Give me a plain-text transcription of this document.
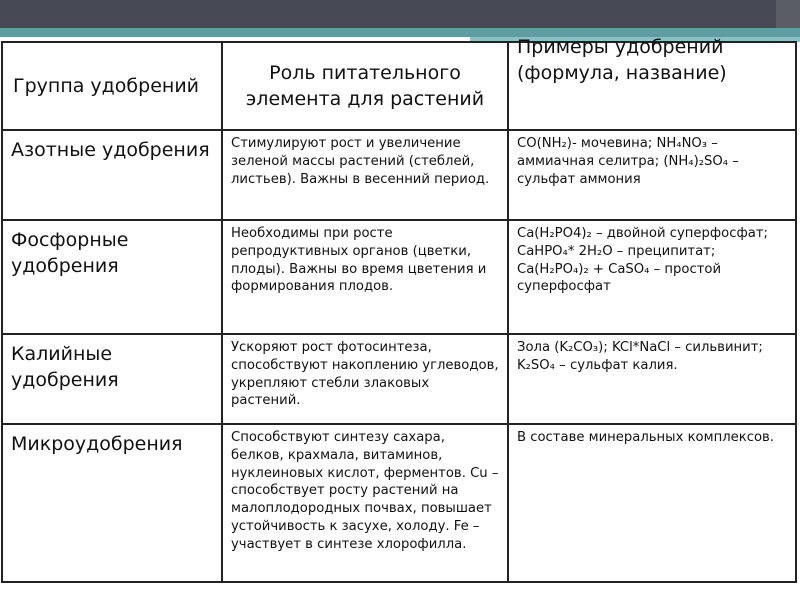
Группа удобрений	Роль питательного элемента для растений	Примеры удобрений (формула, название)

Азотные удобрения	Стимулируют рост и увеличение зеленой массы растений (стеблей, листьев). Важны в весенний период.	CO(NH₂)- мочевина; NH₄NO₃ – аммиачная селитра; (NH₄)₂SO₄ – сульфат аммония
Фосфорные удобрения	Необходимы при росте репродуктивных органов (цветки, плоды). Важны во время цветения и формирования плодов.	Ca(H₂PO4)₂ – двойной суперфосфат; CaHPO₄* 2H₂O – преципитат; Ca(H₂PO₄)₂ + CaSO₄ – простой суперфосфат
Калийные удобрения	Ускоряют рост фотосинтеза, способствуют накоплению углеводов, укрепляют стебли злаковых растений.	Зола (K₂CO₃); KCl*NaCl – сильвинит; K₂SO₄ – сульфат калия.
Микроудобрения	Способствуют синтезу сахара, белков, крахмала, витаминов, нуклеиновых кислот, ферментов. Cu – способствует росту растений на малоплодородных почвах, повышает устойчивость к засухе, холоду. Fe – участвует в синтезе хлорофилла.	В составе минеральных комплексов.
